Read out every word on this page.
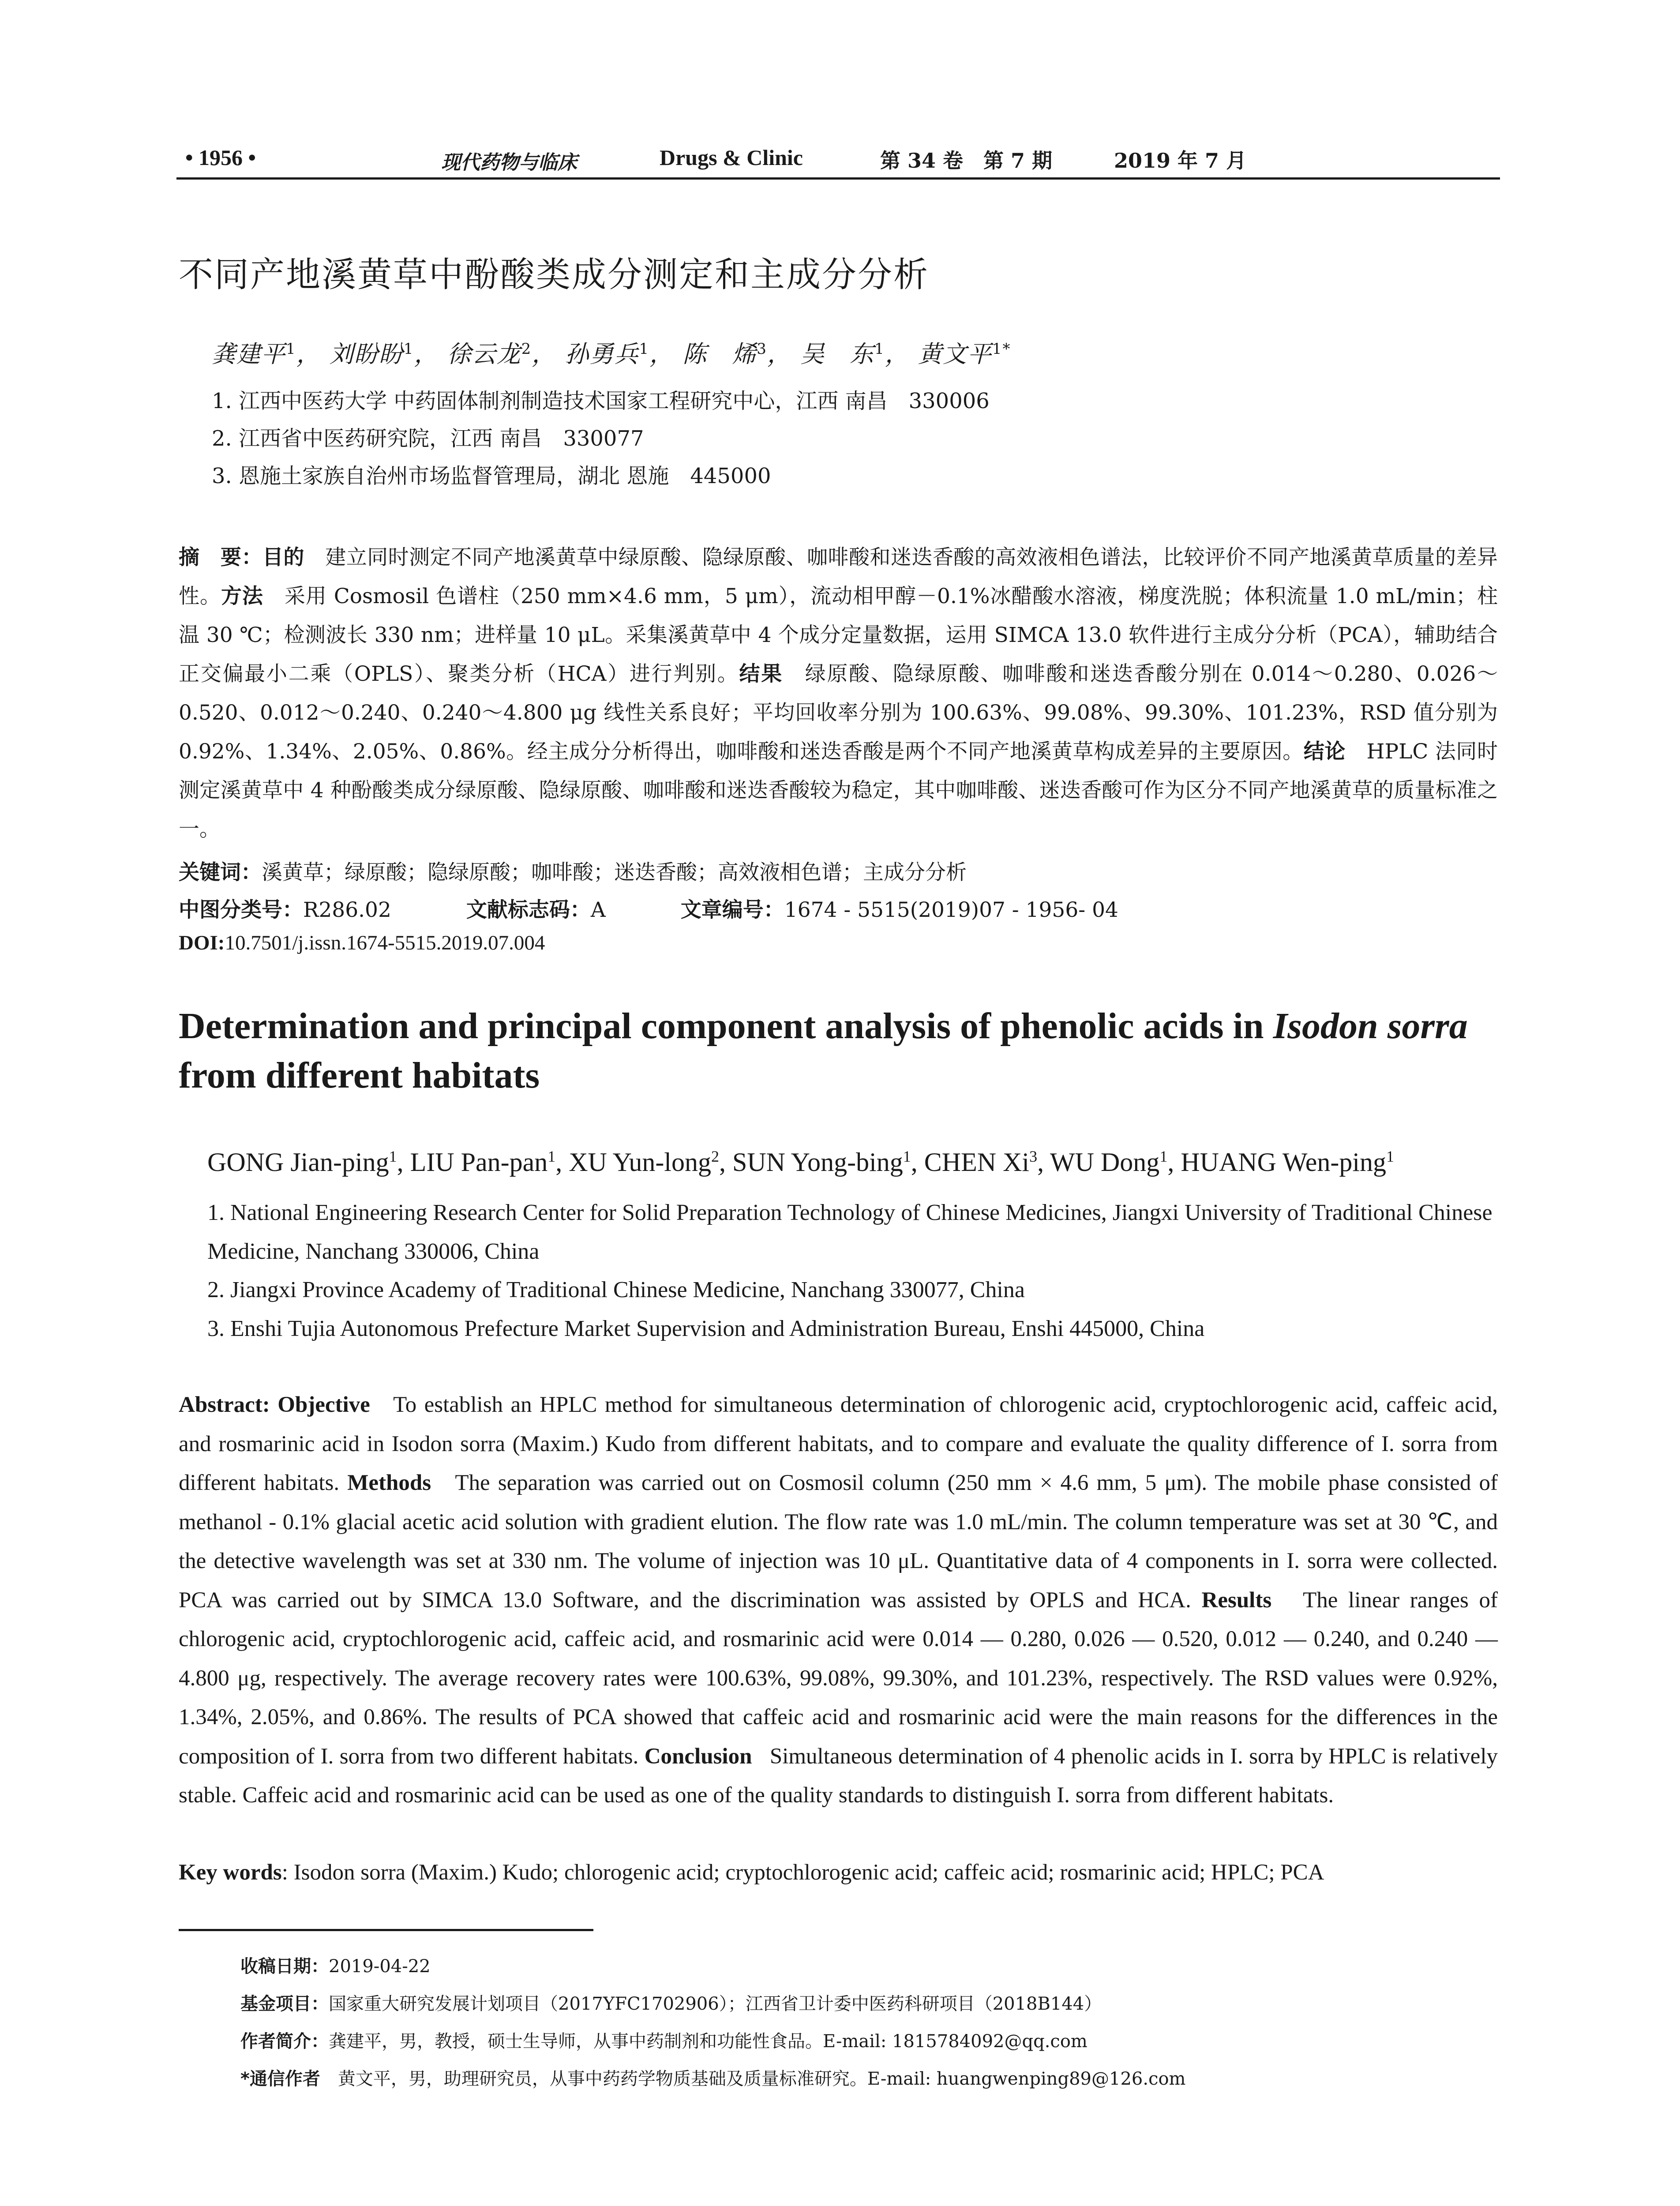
• 1956 •	现代药物与临床	Drugs & Clinic	第 34 卷　第 7 期	2019 年 7 月
不同产地溪黄草中酚酸类成分测定和主成分分析
龚建平$^1$， 刘盼盼$^1$， 徐云龙$^2$， 孙勇兵$^1$， 陈　烯$^3$， 吴　东$^1$， 黄文平$^{1*}$
1. 江西中医药大学 中药固体制剂制造技术国家工程研究中心，江西 南昌　330006
2. 江西省中医药研究院，江西 南昌　330077
3. 恩施土家族自治州市场监督管理局，湖北 恩施　445000
摘　要：目的　建立同时测定不同产地溪黄草中绿原酸、隐绿原酸、咖啡酸和迷迭香酸的高效液相色谱法，比较评价不同产地溪黄草质量的差异性。方法　采用 Cosmosil 色谱柱（250 mm×4.6 mm，5 μm），流动相甲醇－0.1%冰醋酸水溶液，梯度洗脱；体积流量 1.0 mL/min；柱温 30 ℃；检测波长 330 nm；进样量 10 μL。采集溪黄草中 4 个成分定量数据，运用 SIMCA 13.0 软件进行主成分分析（PCA），辅助结合正交偏最小二乘（OPLS）、聚类分析（HCA）进行判别。结果　绿原酸、隐绿原酸、咖啡酸和迷迭香酸分别在 0.014～0.280、0.026～0.520、0.012～0.240、0.240～4.800 μg 线性关系良好；平均回收率分别为 100.63%、99.08%、99.30%、101.23%，RSD 值分别为 0.92%、1.34%、2.05%、0.86%。经主成分分析得出，咖啡酸和迷迭香酸是两个不同产地溪黄草构成差异的主要原因。结论　HPLC 法同时测定溪黄草中 4 种酚酸类成分绿原酸、隐绿原酸、咖啡酸和迷迭香酸较为稳定，其中咖啡酸、迷迭香酸可作为区分不同产地溪黄草的质量标准之一。
关键词：溪黄草；绿原酸；隐绿原酸；咖啡酸；迷迭香酸；高效液相色谱；主成分分析
中图分类号：R286.02	文献标志码：A	文章编号：1674 - 5515(2019)07 - 1956- 04
DOI:10.7501/j.issn.1674-5515.2019.07.004
Determination and principal component analysis of phenolic acids in Isodon sorra from different habitats
GONG Jian-ping$^1$, LIU Pan-pan$^1$, XU Yun-long$^2$, SUN Yong-bing$^1$, CHEN Xi$^3$, WU Dong$^1$, HUANG Wen-ping$^1$
1. National Engineering Research Center for Solid Preparation Technology of Chinese Medicines, Jiangxi University of Traditional Chinese Medicine, Nanchang 330006, China
2. Jiangxi Province Academy of Traditional Chinese Medicine, Nanchang 330077, China
3. Enshi Tujia Autonomous Prefecture Market Supervision and Administration Bureau, Enshi 445000, China
Abstract: Objective To establish an HPLC method for simultaneous determination of chlorogenic acid, cryptochlorogenic acid, caffeic acid, and rosmarinic acid in Isodon sorra (Maxim.) Kudo from different habitats, and to compare and evaluate the quality difference of I. sorra from different habitats. Methods The separation was carried out on Cosmosil column (250 mm × 4.6 mm, 5 μm). The mobile phase consisted of methanol - 0.1% glacial acetic acid solution with gradient elution. The flow rate was 1.0 mL/min. The column temperature was set at 30 ℃, and the detective wavelength was set at 330 nm. The volume of injection was 10 μL. Quantitative data of 4 components in I. sorra were collected. PCA was carried out by SIMCA 13.0 Software, and the discrimination was assisted by OPLS and HCA. Results The linear ranges of chlorogenic acid, cryptochlorogenic acid, caffeic acid, and rosmarinic acid were 0.014 — 0.280, 0.026 — 0.520, 0.012 — 0.240, and 0.240 — 4.800 μg, respectively. The average recovery rates were 100.63%, 99.08%, 99.30%, and 101.23%, respectively. The RSD values were 0.92%, 1.34%, 2.05%, and 0.86%. The results of PCA showed that caffeic acid and rosmarinic acid were the main reasons for the differences in the composition of I. sorra from two different habitats. Conclusion Simultaneous determination of 4 phenolic acids in I. sorra by HPLC is relatively stable. Caffeic acid and rosmarinic acid can be used as one of the quality standards to distinguish I. sorra from different habitats.
Key words: Isodon sorra (Maxim.) Kudo; chlorogenic acid; cryptochlorogenic acid; caffeic acid; rosmarinic acid; HPLC; PCA
收稿日期：2019-04-22
基金项目：国家重大研究发展计划项目（2017YFC1702906）；江西省卫计委中医药科研项目（2018B144）
作者简介：龚建平，男，教授，硕士生导师，从事中药制剂和功能性食品。E-mail: 1815784092@qq.com
*通信作者　黄文平，男，助理研究员，从事中药药学物质基础及质量标准研究。E-mail: huangwenping89@126.com
